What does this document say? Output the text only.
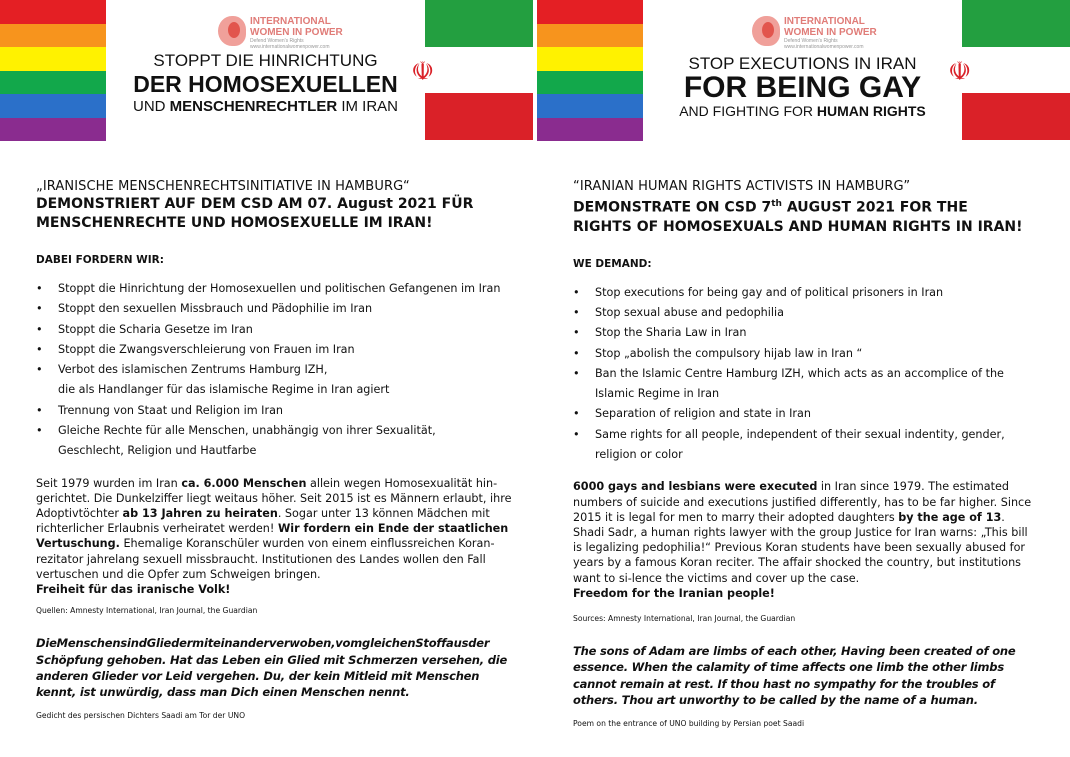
☫
INTERNATIONAL
WOMEN IN POWER
Defend Women's Rights
www.internationalwomenpower.com
STOPPT DIE HINRICHTUNG
DER HOMOSEXUELLEN
UND MENSCHENRECHTLER IM IRAN
☫
INTERNATIONAL
WOMEN IN POWER
Defend Women's Rights
www.internationalwomenpower.com
STOP EXECUTIONS IN IRAN
FOR BEING GAY
AND FIGHTING FOR HUMAN RIGHTS
„IRANISCHE MENSCHENRECHTSINITIATIVE IN HAMBURG“
DEMONSTRIERT AUF DEM CSD AM 07. August 2021 FÜR
MENSCHENRECHTE UND HOMOSEXUELLE IM IRAN!
DABEI FORDERN WIR:
• Stoppt die Hinrichtung der Homosexuellen und politischen Gefangenen im Iran
• Stoppt den sexuellen Missbrauch und Pädophilie im Iran
• Stoppt die Scharia Gesetze im Iran
• Stoppt die Zwangsverschleierung von Frauen im Iran
• Verbot des islamischen Zentrums Hamburg IZH,
die als Handlanger für das islamische Regime in Iran agiert
• Trennung von Staat und Religion im Iran
• Gleiche Rechte für alle Menschen, unabhängig von ihrer Sexualität,
Geschlecht, Religion und Hautfarbe
Seit 1979 wurden im Iran ca. 6.000 Menschen allein wegen Homosexualität hin-gerichtet. Die Dunkelziffer liegt weitaus höher. Seit 2015 ist es Männern erlaubt, ihre Adoptivtöchter ab 13 Jahren zu heiraten. Sogar unter 13 können Mädchen mit richterlicher Erlaubnis verheiratet werden! Wir fordern ein Ende der staatlichen Vertuschung. Ehemalige Koranschüler wurden von einem einflussreichen Koran-rezitator jahrelang sexuell missbraucht. Institutionen des Landes wollen den Fall vertuschen und die Opfer zum Schweigen bringen.
Freiheit für das iranische Volk!
Quellen: Amnesty International, Iran Journal, the Guardian
DieMenschensindGliedermiteinanderverwoben,vomgleichenStoffausder Schöpfung gehoben. Hat das Leben ein Glied mit Schmerzen versehen, die anderen Glieder vor Leid vergehen. Du, der kein Mitleid mit Menschen kennt, ist unwürdig, dass man Dich einen Menschen nennt.
Gedicht des persischen Dichters Saadi am Tor der UNO
“IRANIAN HUMAN RIGHTS ACTIVISTS IN HAMBURG”
DEMONSTRATE ON CSD 7th AUGUST 2021 FOR THE
RIGHTS OF HOMOSEXUALS AND HUMAN RIGHTS IN IRAN!
WE DEMAND:
• Stop executions for being gay and of political prisoners in Iran
• Stop sexual abuse and pedophilia
• Stop the Sharia Law in Iran
• Stop „abolish the compulsory hijab law in Iran “
• Ban the Islamic Centre Hamburg IZH, which acts as an accomplice of the
Islamic Regime in Iran
• Separation of religion and state in Iran
• Same rights for all people, independent of their sexual indentity, gender,
religion or color
6000 gays and lesbians were executed in Iran since 1979. The estimated numbers of suicide and executions justified differently, has to be far higher. Since 2015 it is legal for men to marry their adopted daughters by the age of 13. Shadi Sadr, a human rights lawyer with the group Justice for Iran warns: „This bill is legalizing pedophilia!“ Previous Koran students have been sexually abused for years by a famous Koran reciter. The affair shocked the country, but institutions want to si-lence the victims and cover up the case.
Freedom for the Iranian people!
Sources: Amnesty International, Iran Journal, the Guardian
The sons of Adam are limbs of each other, Having been created of one essence. When the calamity of time affects one limb the other limbs cannot remain at rest. If thou hast no sympathy for the troubles of others. Thou art unworthy to be called by the name of a human.
Poem on the entrance of UNO building by Persian poet Saadi
